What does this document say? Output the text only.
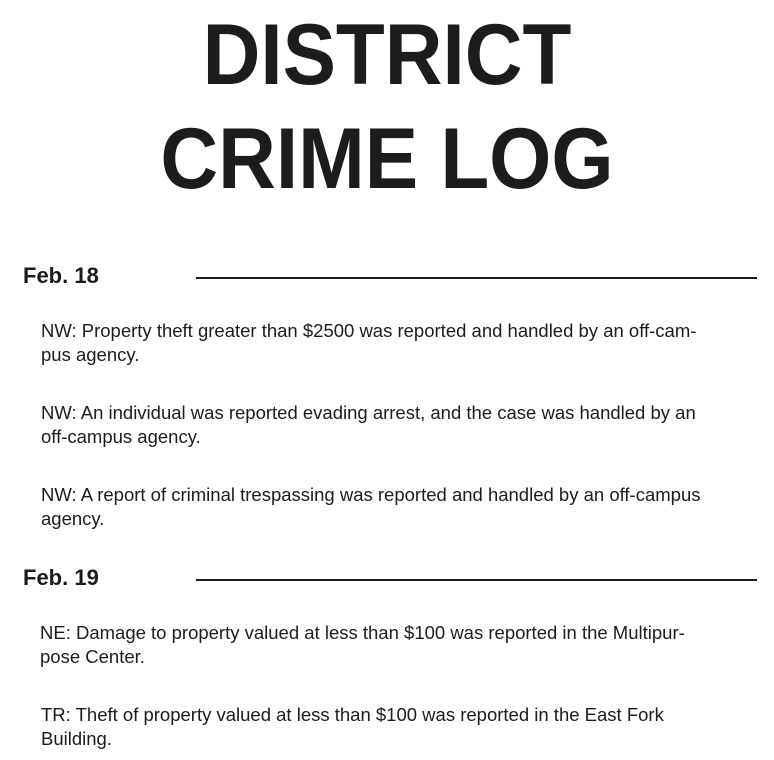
DISTRICT
CRIME LOG
Feb. 18

NW: Property theft greater than $2500 was reported and handled by an off-cam-
pus agency.

NW: An individual was reported evading arrest, and the case was handled by an
off-campus agency.

NW: A report of criminal trespassing was reported and handled by an off-campus
agency.

Feb. 19

NE: Damage to property valued at less than $100 was reported in the Multipur-
pose Center.

TR: Theft of property valued at less than $100 was reported in the East Fork
Building.
